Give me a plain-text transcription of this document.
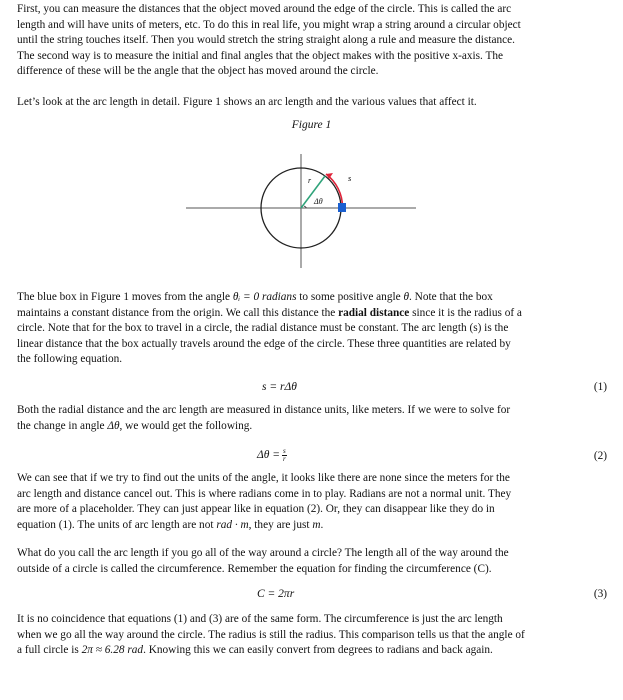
First, you can measure the distances that the object moved around the edge of the circle. This is called the arc
length and will have units of meters, etc. To do this in real life, you might wrap a string around a circular object
until the string touches itself. Then you would stretch the string straight along a rule and measure the distance.
The second way is to measure the initial and final angles that the object makes with the positive x-axis. The
difference of these will be the angle that the object has moved around the circle.

Let’s look at the arc length in detail. Figure 1 shows an arc length and the various values that affect it.

Figure 1
r	s
Δθ

The blue box in Figure 1 moves from the angle θᵢ = 0 radians to some positive angle θ. Note that the box
maintains a constant distance from the origin. We call this distance the radial distance since it is the radius of a
circle. Note that for the box to travel in a circle, the radial distance must be constant. The arc length (s) is the
linear distance that the box actually travels around the edge of the circle. These three quantities are related by
the following equation.

s = rΔθ	(1)

Both the radial distance and the arc length are measured in distance units, like meters. If we were to solve for
the change in angle Δθ, we would get the following.

$\Delta\theta = \frac{s}{r}$	(2)

We can see that if we try to find out the units of the angle, it looks like there are none since the meters for the
arc length and distance cancel out. This is where radians come in to play. Radians are not a normal unit. They
are more of a placeholder. They can just appear like in equation (2). Or, they can disappear like they do in
equation (1). The units of arc length are not rad · m, they are just m.

What do you call the arc length if you go all of the way around a circle? The length all of the way around the
outside of a circle is called the circumference. Remember the equation for finding the circumference (C).

C = 2πr	(3)

It is no coincidence that equations (1) and (3) are of the same form. The circumference is just the arc length
when we go all the way around the circle. The radius is still the radius. This comparison tells us that the angle of
a full circle is 2π ≈ 6.28 rad. Knowing this we can easily convert from degrees to radians and back again.
